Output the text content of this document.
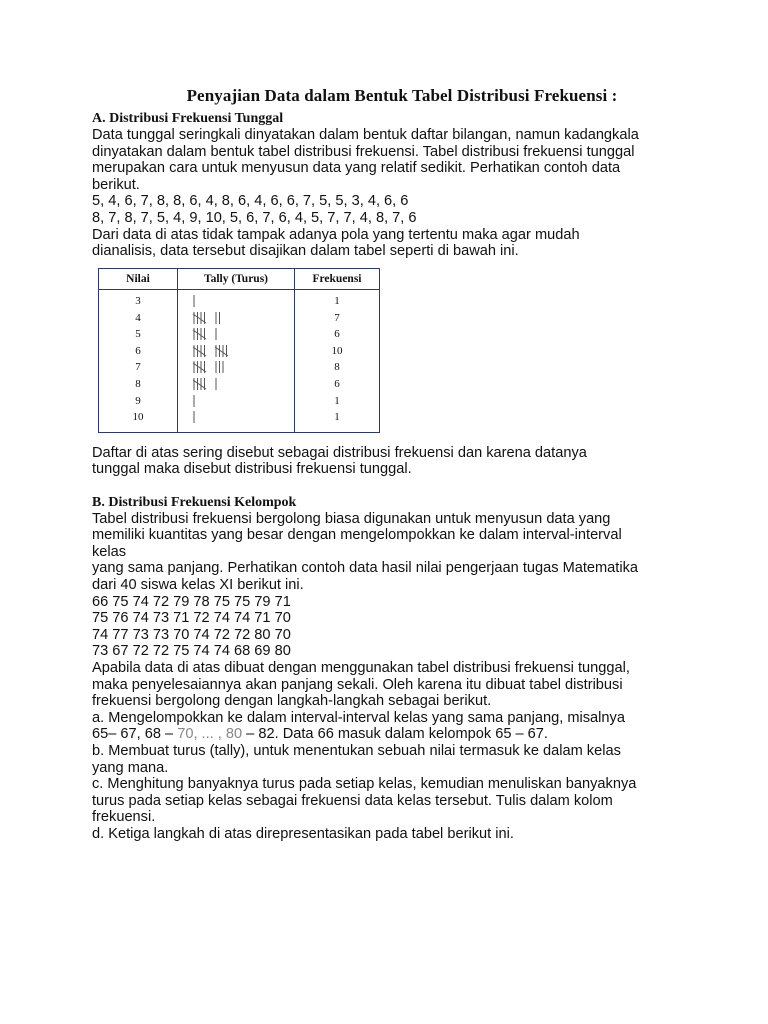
Penyajian Data dalam Bentuk Tabel Distribusi Frekuensi :

A. Distribusi Frekuensi Tunggal

Data tunggal seringkali dinyatakan dalam bentuk daftar bilangan, namun kadangkala

dinyatakan dalam bentuk tabel distribusi frekuensi. Tabel distribusi frekuensi tunggal

merupakan cara untuk menyusun data yang relatif sedikit. Perhatikan contoh data

berikut.

5, 4, 6, 7, 8, 8, 6, 4, 8, 6, 4, 6, 6, 7, 5, 5, 3, 4, 6, 6

8, 7, 8, 7, 5, 4, 9, 10, 5, 6, 7, 6, 4, 5, 7, 7, 4, 8, 7, 6

Dari data di atas tidak tampak adanya pola yang tertentu maka agar mudah

dianalisis, data tersebut disajikan dalam tabel seperti di bawah ini.

Nilai	Tally (Turus)	Frekuensi
3		1
4		7
5		6
6		10
7		8
8		6
9		1
10		1

Daftar di atas sering disebut sebagai distribusi frekuensi dan karena datanya

tunggal maka disebut distribusi frekuensi tunggal.

B. Distribusi Frekuensi Kelompok

Tabel distribusi frekuensi bergolong biasa digunakan untuk menyusun data yang

memiliki kuantitas yang besar dengan mengelompokkan ke dalam interval-interval

kelas

yang sama panjang. Perhatikan contoh data hasil nilai pengerjaan tugas Matematika

dari 40 siswa kelas XI berikut ini.

66 75 74 72 79 78 75 75 79 71

75 76 74 73 71 72 74 74 71 70

74 77 73 73 70 74 72 72 80 70

73 67 72 72 75 74 74 68 69 80

Apabila data di atas dibuat dengan menggunakan tabel distribusi frekuensi tunggal,

maka penyelesaiannya akan panjang sekali. Oleh karena itu dibuat tabel distribusi

frekuensi bergolong dengan langkah-langkah sebagai berikut.

a. Mengelompokkan ke dalam interval-interval kelas yang sama panjang, misalnya

65– 67, 68 – 70, ... , 80 – 82. Data 66 masuk dalam kelompok 65 – 67.

b. Membuat turus (tally), untuk menentukan sebuah nilai termasuk ke dalam kelas

yang mana.

c. Menghitung banyaknya turus pada setiap kelas, kemudian menuliskan banyaknya

turus pada setiap kelas sebagai frekuensi data kelas tersebut. Tulis dalam kolom

frekuensi.

d. Ketiga langkah di atas direpresentasikan pada tabel berikut ini.
